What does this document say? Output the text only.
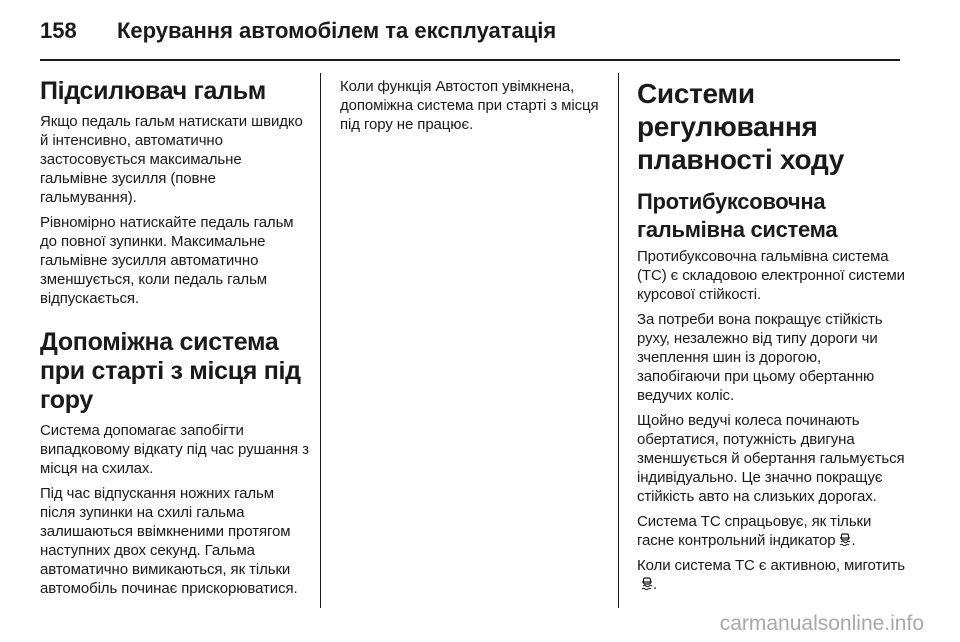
158 Керування автомобілем та експлуатація
Підсилювач гальм

Якщо педаль гальм натискати швидко й інтенсивно, автоматично застосовується максимальне гальмівне зусилля (повне гальмування).

Рівномірно натискайте педаль гальм до повної зупинки. Максимальне гальмівне зусилля автоматично зменшується, коли педаль гальм відпускається.

Допоміжна система при старті з місця під гору

Система допомагає запобігти випадковому відкату під час рушання з місця на схилах.

Під час відпускання ножних гальм після зупинки на схилі гальма залишаються ввімкненими протягом наступних двох секунд. Гальма автоматично вимикаються, як тільки автомобіль починає прискорюватися.

Коли функція Автостоп увімкнена, допоміжна система при старті з місця під гору не працює.

Системи регулювання плавності ходу
Протибуксовочна гальмівна система

Протибуксовочна гальмівна система (TC) є складовою електронної системи курсової стійкості.

За потреби вона покращує стійкість руху, незалежно від типу дороги чи зчеплення шин із дорогою, запобігаючи при цьому обертанню ведучих коліс.

Щойно ведучі колеса починають обертатися, потужність двигуна зменшується й обертання гальмується індивідуально. Це значно покращує стійкість авто на слизьких дорогах.

Система TC спрацьовує, як тільки гасне контрольний індикатор .

Коли система TC є активною, миготить
.

carmanualsonline.info
